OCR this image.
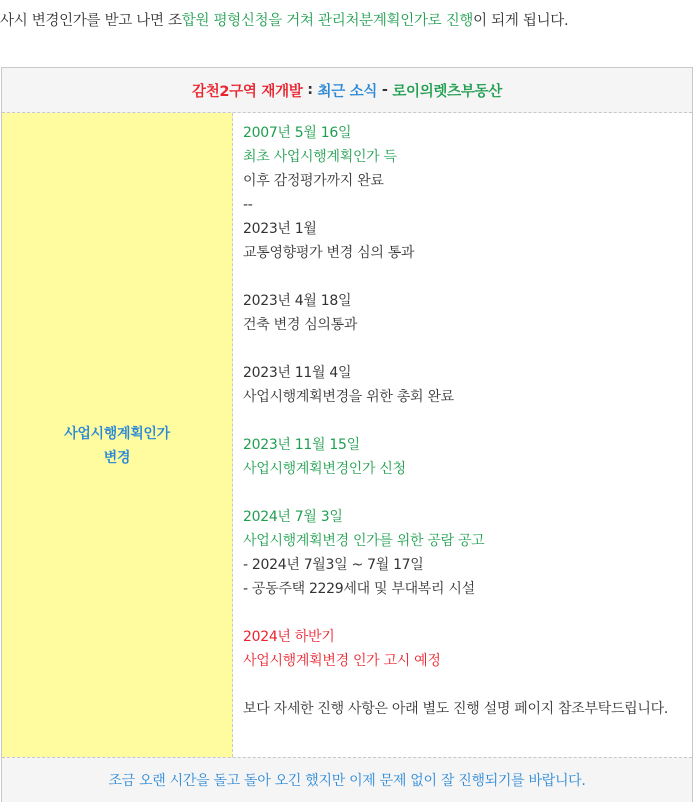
사시 변경인가를 받고 나면 조합원 평형신청을 거쳐 관리처분계획인가로 진행이 되게 됩니다.
감천2구역 재개발 : 최근 소식 - 로이의렛츠부동산
사업시행계획인가
변경
2007년 5월 16일
최초 사업시행계획인가 득
이후 감정평가까지 완료
--
2023년 1월
교통영향평가 변경 심의 통과
2023년 4월 18일
건축 변경 심의통과
2023년 11월 4일
사업시행계획변경을 위한 총회 완료
2023년 11월 15일
사업시행계획변경인가 신청
2024년 7월 3일
사업시행계획변경 인가를 위한 공람 공고
- 2024년 7월3일 ~ 7월 17일
- 공동주택 2229세대 및 부대복리 시설
2024년 하반기
사업시행계획변경 인가 고시 예정
보다 자세한 진행 사항은 아래 별도 진행 설명 페이지 참조부탁드립니다.
조금 오랜 시간을 돌고 돌아 오긴 했지만 이제 문제 없이 잘 진행되기를 바랍니다.
